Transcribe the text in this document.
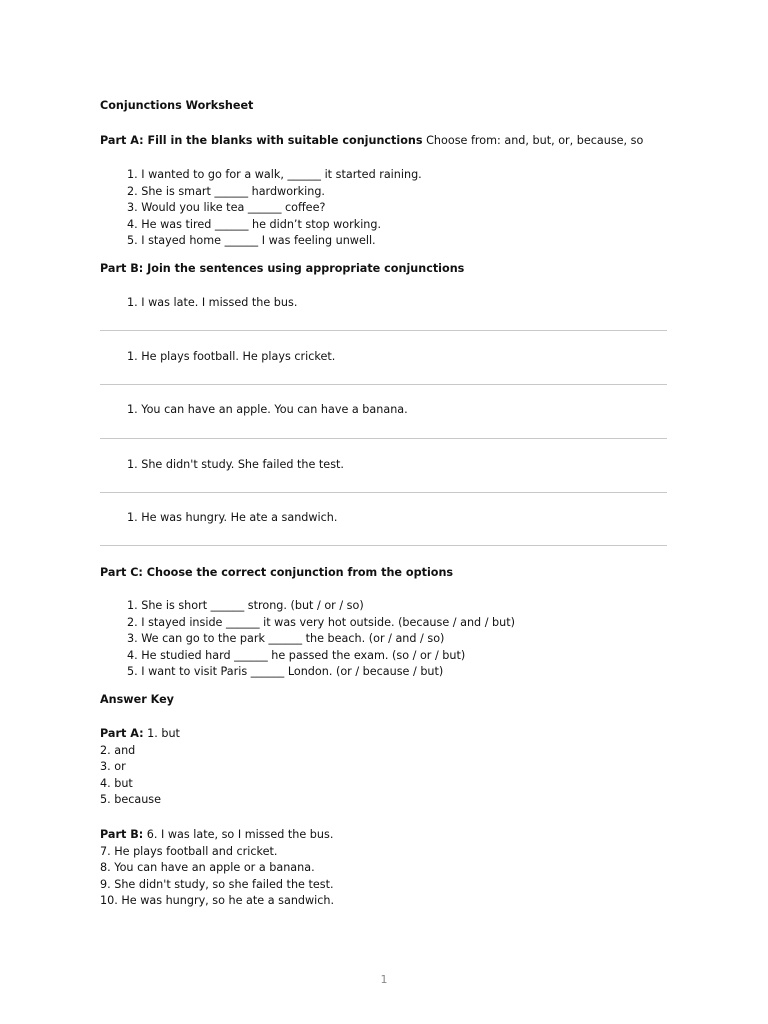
Conjunctions Worksheet
Part A: Fill in the blanks with suitable conjunctions Choose from: and, but, or, because, so
1. I wanted to go for a walk, ______ it started raining.
2. She is smart ______ hardworking.
3. Would you like tea ______ coffee?
4. He was tired ______ he didn’t stop working.
5. I stayed home ______ I was feeling unwell.
Part B: Join the sentences using appropriate conjunctions
1. I was late. I missed the bus.
1. He plays football. He plays cricket.
1. You can have an apple. You can have a banana.
1. She didn't study. She failed the test.
1. He was hungry. He ate a sandwich.
Part C: Choose the correct conjunction from the options
1. She is short ______ strong. (but / or / so)
2. I stayed inside ______ it was very hot outside. (because / and / but)
3. We can go to the park ______ the beach. (or / and / so)
4. He studied hard ______ he passed the exam. (so / or / but)
5. I want to visit Paris ______ London. (or / because / but)
Answer Key
Part A: 1. but
2. and
3. or
4. but
5. because
Part B: 6. I was late, so I missed the bus.
7. He plays football and cricket.
8. You can have an apple or a banana.
9. She didn't study, so she failed the test.
10. He was hungry, so he ate a sandwich.
1
